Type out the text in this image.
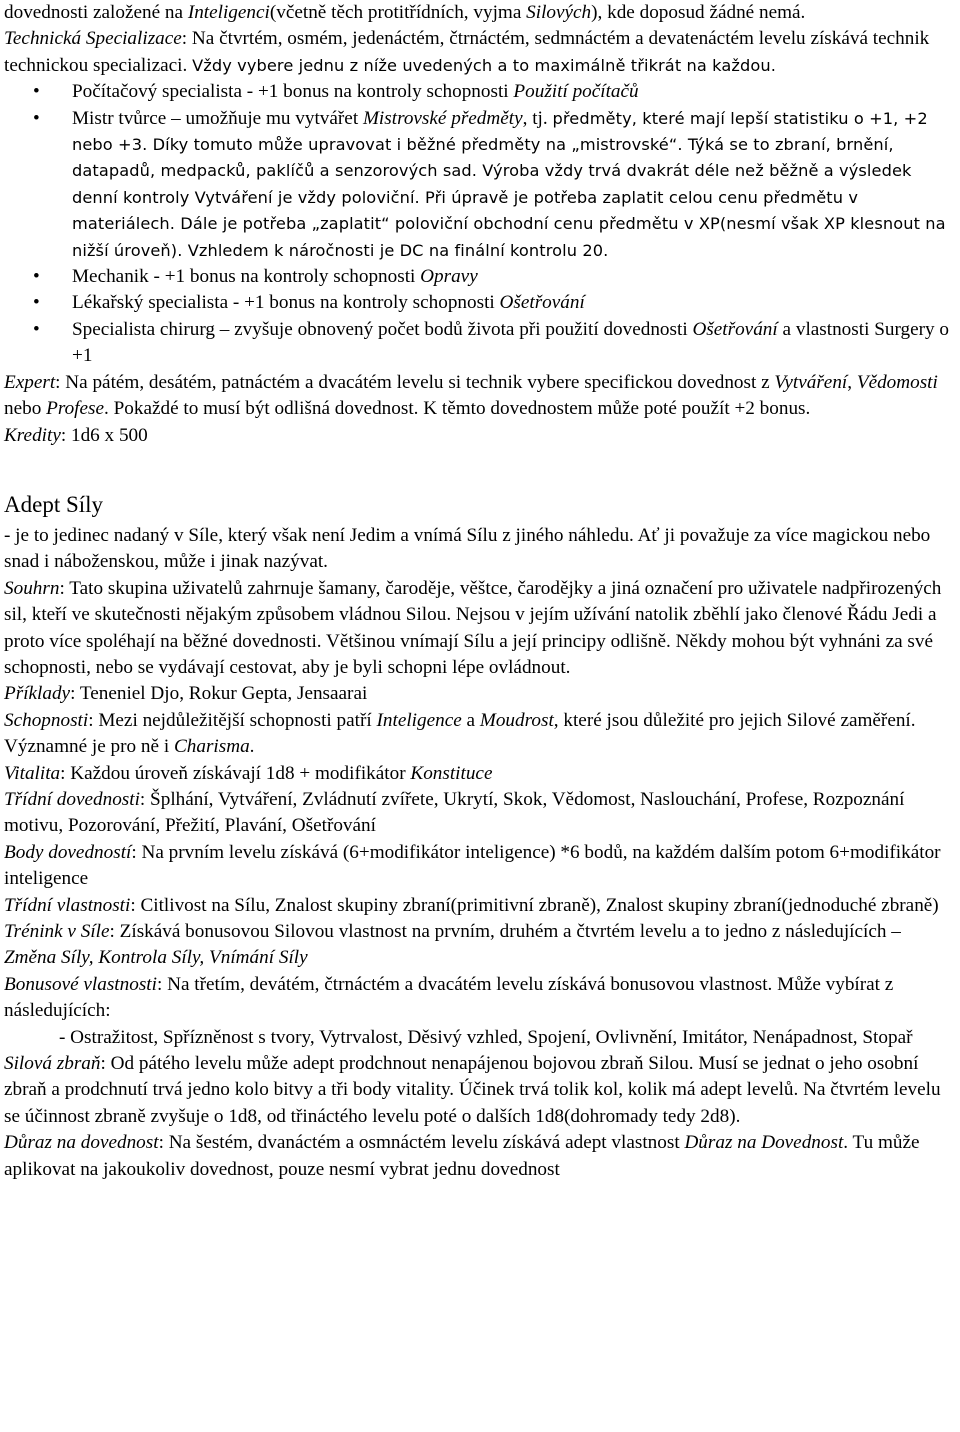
dovednosti založené na Inteligenci(včetně těch protitřídních, vyjma Silových), kde doposud žádné nemá.

Technická Specializace: Na čtvrtém, osmém, jedenáctém, čtrnáctém, sedmnáctém a devatenáctém levelu získává technik technickou specializaci. Vždy vybere jednu z níže uvedených a to maximálně třikrát na každou.

• Počítačový specialista - +1 bonus na kontroly schopnosti Použití počítačů
• Mistr tvůrce – umožňuje mu vytvářet Mistrovské předměty, tj. předměty, které mají lepší statistiku o +1, +2 nebo +3. Díky tomuto může upravovat i běžné předměty na „mistrovské“. Týká se to zbraní, brnění, datapadů, medpacků, paklíčů a senzorových sad. Výroba vždy trvá dvakrát déle než běžně a výsledek denní kontroly Vytváření je vždy poloviční. Při úpravě je potřeba zaplatit celou cenu předmětu v materiálech. Dále je potřeba „zaplatit“ poloviční obchodní cenu předmětu v XP(nesmí však XP klesnout na nižší úroveň). Vzhledem k náročnosti je DC na finální kontrolu 20.
• Mechanik - +1 bonus na kontroly schopnosti Opravy
• Lékařský specialista - +1 bonus na kontroly schopnosti Ošetřování
• Specialista chirurg – zvyšuje obnovený počet bodů života při použití dovednosti Ošetřování a vlastnosti Surgery o +1

Expert: Na pátém, desátém, patnáctém a dvacátém levelu si technik vybere specifickou dovednost z Vytváření, Vědomosti nebo Profese. Pokaždé to musí být odlišná dovednost. K těmto dovednostem může poté použít +2 bonus.

Kredity: 1d6 x 500

Adept Síly

- je to jedinec nadaný v Síle, který však není Jedim a vnímá Sílu z jiného náhledu. Ať ji považuje za více magickou nebo snad i náboženskou, může i jinak nazývat.

Souhrn: Tato skupina uživatelů zahrnuje šamany, čaroděje, věštce, čarodějky a jiná označení pro uživatele nadpřirozených sil, kteří ve skutečnosti nějakým způsobem vládnou Silou. Nejsou v jejím užívání natolik zběhlí jako členové Řádu Jedi a proto více spoléhají na běžné dovednosti. Většinou vnímají Sílu a její principy odlišně. Někdy mohou být vyhnáni za své schopnosti, nebo se vydávají cestovat, aby je byli schopni lépe ovládnout.

Příklady: Teneniel Djo, Rokur Gepta, Jensaarai

Schopnosti: Mezi nejdůležitější schopnosti patří Inteligence a Moudrost, které jsou důležité pro jejich Silové zaměření. Významné je pro ně i Charisma.

Vitalita: Každou úroveň získávají 1d8 + modifikátor Konstituce

Třídní dovednosti: Šplhání, Vytváření, Zvládnutí zvířete, Ukrytí, Skok, Vědomost, Naslouchání, Profese, Rozpoznání motivu, Pozorování, Přežití, Plavání, Ošetřování

Body dovedností: Na prvním levelu získává (6+modifikátor inteligence) *6 bodů, na každém dalším potom 6+modifikátor inteligence

Třídní vlastnosti: Citlivost na Sílu, Znalost skupiny zbraní(primitivní zbraně), Znalost skupiny zbraní(jednoduché zbraně)

Trénink v Síle: Získává bonusovou Silovou vlastnost na prvním, druhém a čtvrtém levelu a to jedno z následujících – Změna Síly, Kontrola Síly, Vnímání Síly

Bonusové vlastnosti: Na třetím, devátém, čtrnáctém a dvacátém levelu získává bonusovou vlastnost. Může vybírat z následujících:

- Ostražitost, Spřízněnost s tvory, Vytrvalost, Děsivý vzhled, Spojení, Ovlivnění, Imitátor, Nenápadnost, Stopař

Silová zbraň: Od pátého levelu může adept prodchnout nenapájenou bojovou zbraň Silou. Musí se jednat o jeho osobní zbraň a prodchnutí trvá jedno kolo bitvy a tři body vitality. Účinek trvá tolik kol, kolik má adept levelů. Na čtvrtém levelu se účinnost zbraně zvyšuje o 1d8, od třináctého levelu poté o dalších 1d8(dohromady tedy 2d8).

Důraz na dovednost: Na šestém, dvanáctém a osmnáctém levelu získává adept vlastnost Důraz na Dovednost. Tu může aplikovat na jakoukoliv dovednost, pouze nesmí vybrat jednu dovednost
